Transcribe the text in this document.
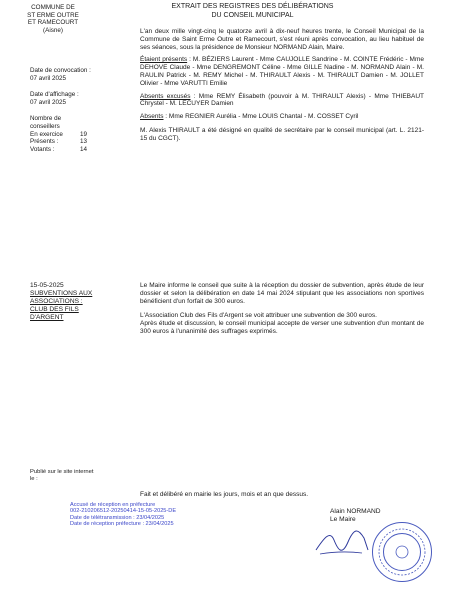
COMMUNE DE
ST ERME OUTRE
ET RAMECOURT
(Aisne)
EXTRAIT DES REGISTRES DES DÉLIBÉRATIONS
DU CONSEIL MUNICIPAL
Date de convocation :
07 avril 2025
Date d'affichage :
07 avril 2025
Nombre de conseillers
En exercice	19
Présents :	13
Votants :	14
15-05-2025
SUBVENTIONS AUX
ASSOCIATIONS :
CLUB DES FILS
D'ARGENT
Publié sur le site internet
le :

L'an deux mille vingt-cinq le quatorze avril à dix-neuf heures trente, le Conseil Municipal de la Commune de Saint Erme Outre et Ramecourt, s'est réuni après convocation, au lieu habituel de ses séances, sous la présidence de Monsieur NORMAND Alain, Maire.

Étaient présents : M. BÉZIERS Laurent - Mme CAUJOLLE Sandrine - M. COINTE Frédéric - Mme DEHOVE Claude - Mme DENGREMONT Céline - Mme GILLE Nadine - M. NORMAND Alain - M. RAULIN Patrick - M. REMY Michel - M. THIRAULT Alexis - M. THIRAULT Damien - M. JOLLET Olivier - Mme VARUTTI Emilie

Absents excusés : Mme REMY Élisabeth (pouvoir à M. THIRAULT Alexis) - Mme THIEBAUT Chrystel - M. LECUYER Damien

Absents : Mme REGNIER Aurélia - Mme LOUIS Chantal - M. COSSET Cyril

M. Alexis THIRAULT a été désigné en qualité de secrétaire par le conseil municipal (art. L. 2121-15 du CGCT).

Le Maire informe le conseil que suite à la réception du dossier de subvention, après étude de leur dossier et selon la délibération en date 14 mai 2024 stipulant que les associations non sportives bénéficient d'un forfait de 300 euros.

L'Association Club des Fils d'Argent se voit attribuer une subvention de 300 euros.

Après étude et discussion, le conseil municipal accepte de verser une subvention d'un montant de 300 euros à l'unanimité des suffrages exprimés.

Fait et délibéré en mairie les jours, mois et an que dessus.
Alain NORMAND
Le Maire
Accusé de réception en préfecture
002-210206512-20250414-15-05-2025-DE
Date de télétransmission : 23/04/2025
Date de réception préfecture : 23/04/2025
